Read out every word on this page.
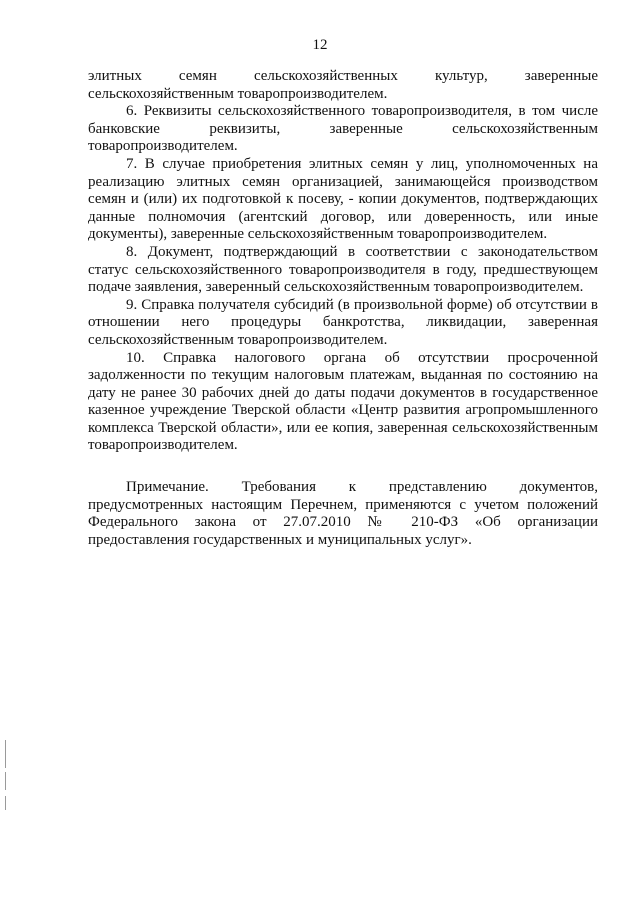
12

элитных семян сельскохозяйственных культур, заверенные сельскохозяйственным товаропроизводителем.

6. Реквизиты сельскохозяйственного товаропроизводителя, в том числе банковские реквизиты, заверенные сельскохозяйственным товаропроизводителем.

7. В случае приобретения элитных семян у лиц, уполномоченных на реализацию элитных семян организацией, занимающейся производством семян и (или) их подготовкой к посеву, - копии документов, подтверждающих данные полномочия (агентский договор, или доверенность, или иные документы), заверенные сельскохозяйственным товаропроизводителем.

8. Документ, подтверждающий в соответствии с законодательством статус сельскохозяйственного товаропроизводителя в году, предшествующем подаче заявления, заверенный сельскохозяйственным товаропроизводителем.

9. Справка получателя субсидий (в произвольной форме) об отсутствии в отношении него процедуры банкротства, ликвидации, заверенная сельскохозяйственным товаропроизводителем.

10. Справка налогового органа об отсутствии просроченной задолженности по текущим налоговым платежам, выданная по состоянию на дату не ранее 30 рабочих дней до даты подачи документов в государственное казенное учреждение Тверской области «Центр развития агропромышленного комплекса Тверской области», или ее копия, заверенная сельскохозяйственным товаропроизводителем.

Примечание. Требования к представлению документов, предусмотренных настоящим Перечнем, применяются с учетом положений Федерального закона от 27.07.2010 № 210-ФЗ «Об организации предоставления государственных и муниципальных услуг».
